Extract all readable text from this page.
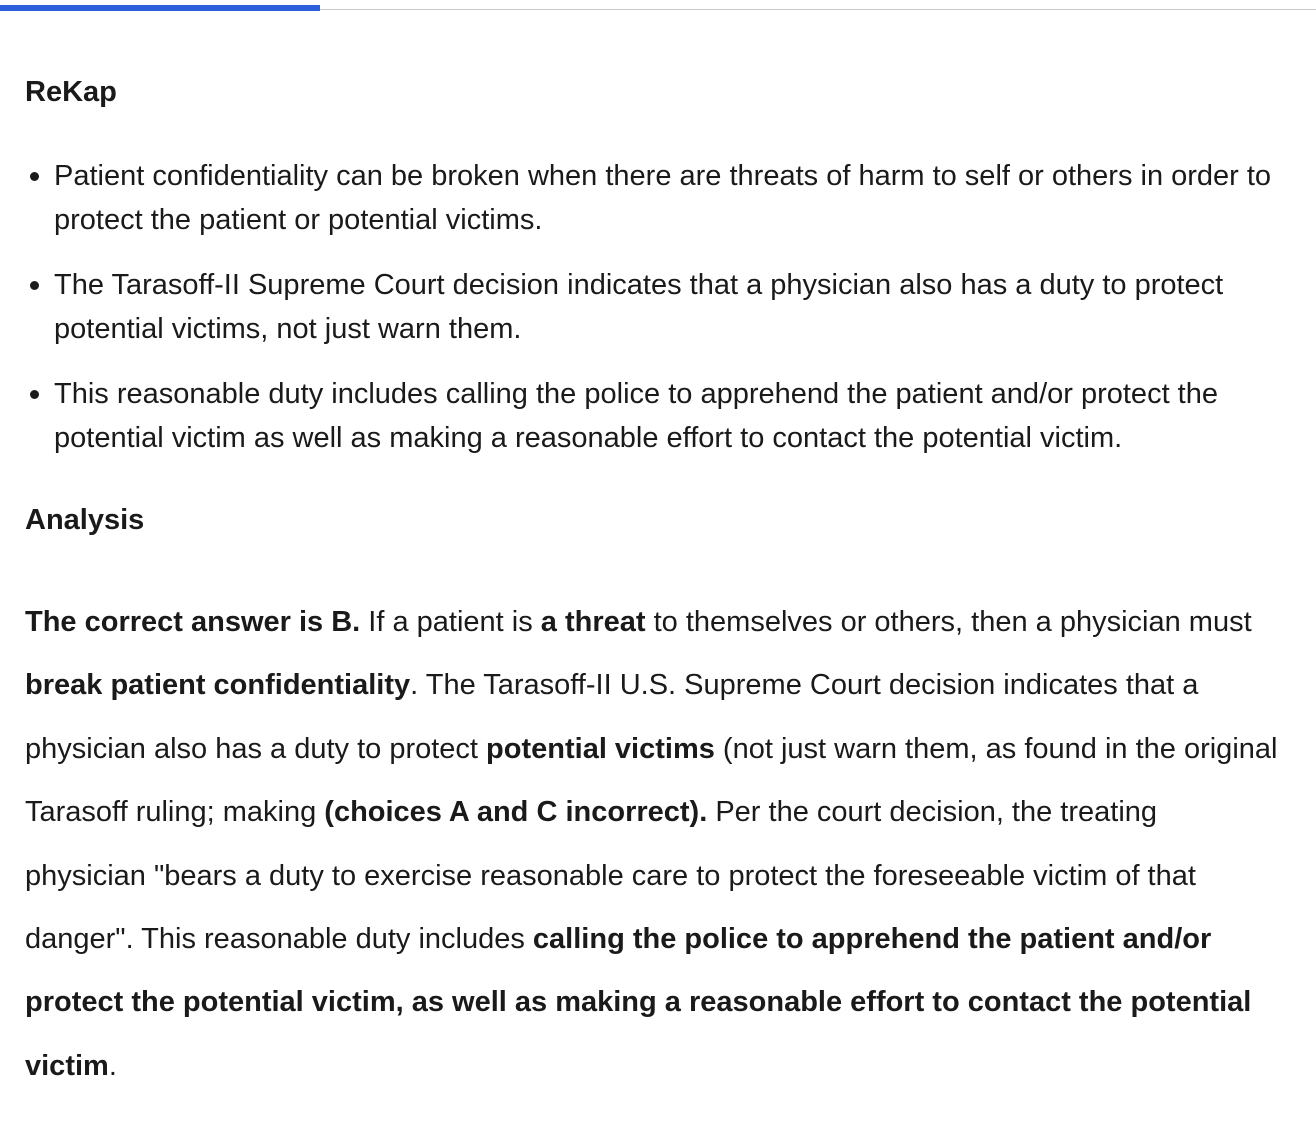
ReKap
Patient confidentiality can be broken when there are threats of harm to self or others in order to protect the patient or potential victims.
The Tarasoff-II Supreme Court decision indicates that a physician also has a duty to protect potential victims, not just warn them.
This reasonable duty includes calling the police to apprehend the patient and/or protect the potential victim as well as making a reasonable effort to contact the potential victim.
Analysis

The correct answer is B. If a patient is a threat to themselves or others, then a physician must break patient confidentiality. The Tarasoff-II U.S. Supreme Court decision indicates that a physician also has a duty to protect potential victims (not just warn them, as found in the original Tarasoff ruling; making (choices A and C incorrect). Per the court decision, the treating physician "bears a duty to exercise reasonable care to protect the foreseeable victim of that danger". This reasonable duty includes calling the police to apprehend the patient and/or protect the potential victim, as well as making a reasonable effort to contact the potential victim.
